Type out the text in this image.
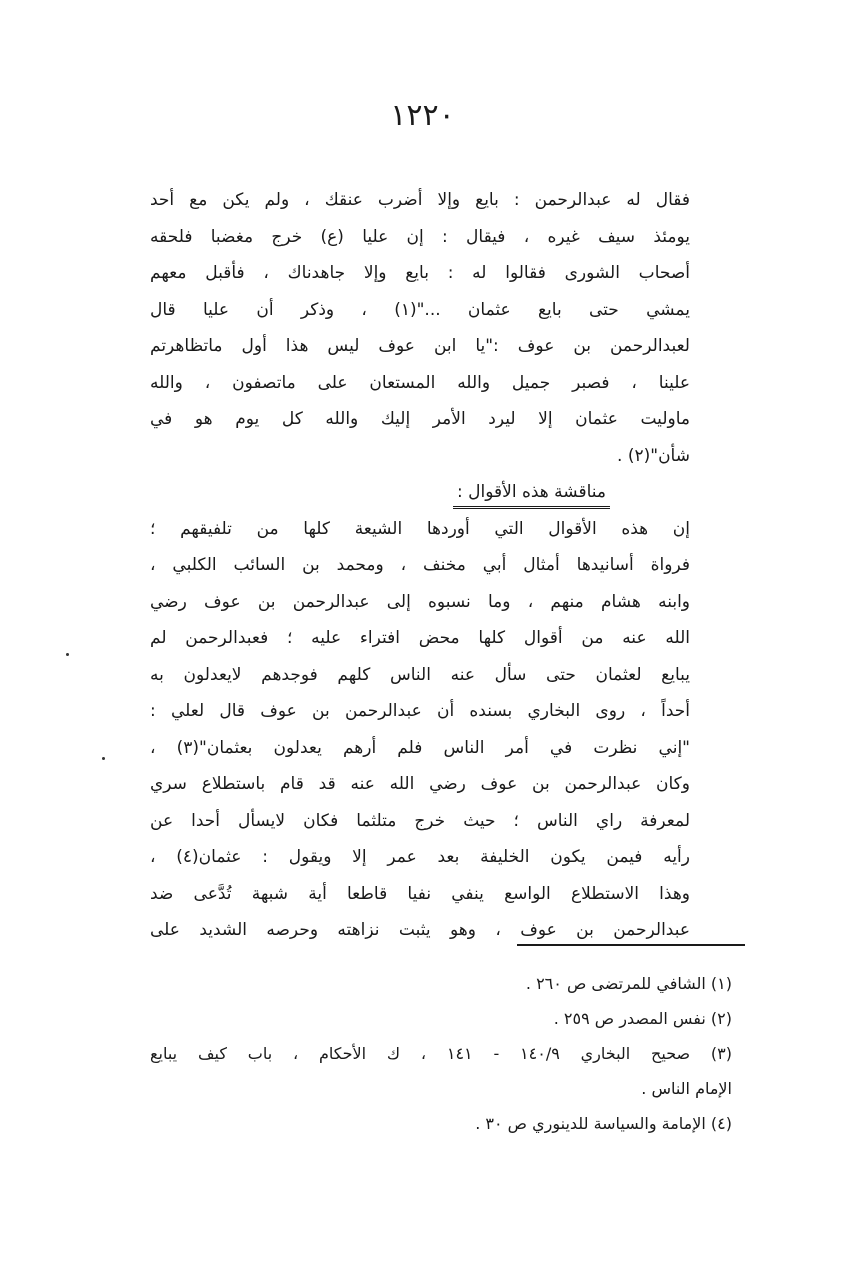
١٢٢٠
فقال له عبدالرحمن : بايع وإلا أضرب عنقك ، ولم يكن مع أحد
يومئذ سيف غيره ، فيقال : إن عليا (ع) خرج مغضبا فلحقه
أصحاب الشورى فقالوا له : بايع وإلا جاهدناك ، فأقبل معهم
يمشي حتى بايع عثمان ..."(١) ، وذكر أن عليا قال
لعبدالرحمن بن عوف :"يا ابن عوف ليس هذا أول ماتظاهرتم
علينا ، فصبر جميل والله المستعان على ماتصفون ، والله
ماوليت عثمان إلا ليرد الأمر إليك والله كل يوم هو في
شأن"(٢) .
مناقشة هذه الأقوال :
إن هذه الأقوال التي أوردها الشيعة كلها من تلفيقهم ؛
فرواة أسانيدها أمثال أبي مخنف ، ومحمد بن السائب الكلبي ،
وابنه هشام منهم ، وما نسبوه إلى عبدالرحمن بن عوف رضي
الله عنه من أقوال كلها محض افتراء عليه ؛ فعبدالرحمن لم
يبايع لعثمان حتى سأل عنه الناس كلهم فوجدهم لايعدلون به
أحداً ، روى البخاري بسنده أن عبدالرحمن بن عوف قال لعلي :
"إني نظرت في أمر الناس فلم أرهم يعدلون بعثمان"(٣) ،
وكان عبدالرحمن بن عوف رضي الله عنه قد قام باستطلاع سري
لمعرفة راي الناس ؛ حيث خرج متلثما فكان لايسأل أحدا عن
رأيه فيمن يكون الخليفة بعد عمر إلا ويقول : عثمان(٤) ،
وهذا الاستطلاع الواسع ينفي نفيا قاطعا أية شبهة تُدَّعى ضد
عبدالرحمن بن عوف ، وهو يثبت نزاهته وحرصه الشديد على
(١) الشافي للمرتضى ص ٢٦٠ .
(٢) نفس المصدر ص ٢٥٩ .
(٣) صحيح البخاري ١٤٠/٩ - ١٤١ ، ك الأحكام ، باب كيف يبايع
الإمام الناس .
(٤) الإمامة والسياسة للدينوري ص ٣٠ .
